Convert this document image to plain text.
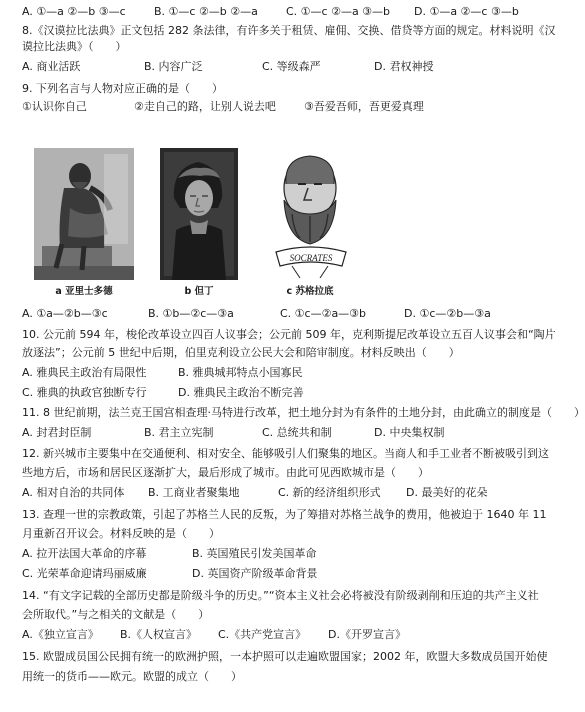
A. ①—a ②—b ③—c	B. ①—c ②—b ②—a	C. ①—c ②—a ③—b D. ①—a ②—c ③—b
8.《汉谟拉比法典》正文包括 282 条法律，有许多关于租赁、雇佣、交换、借贷等方面的规定。材料说明《汉
谟拉比法典》（　　）
A. 商业活跃	B. 内容广泛	C. 等级森严	D. 君权神授
9. 下列名言与人物对应正确的是（　　）
①认识你自己	②走自己的路，让别人说去吧	③吾爱吾师，吾更爱真理
a 亚里士多德	b 但丁
SOCRATES
c 苏格拉底
A. ①a—②b—③c	B. ①b—②c—③a	C. ①c—②a—③b	D. ①c—②b—③a
10. 公元前 594 年，梭伦改革设立四百人议事会；公元前 509 年，克利斯提尼改革设立五百人议事会和“陶片
放逐法”；公元前 5 世纪中后期，伯里克利设立公民大会和陪审制度。材料反映出（　　）
A. 雅典民主政治有局限性	B. 雅典城邦特点小国寡民
C. 雅典的执政官独断专行	D. 雅典民主政治不断完善
11. 8 世纪前期，法兰克王国宫相查理·马特进行改革，把土地分封为有条件的土地分封，由此确立的制度是（　　）
A. 封君封臣制	B. 君主立宪制	C. 总统共和制	D. 中央集权制
12. 新兴城市主要集中在交通便利、相对安全、能够吸引人们聚集的地区。当商人和手工业者不断被吸引到这
些地方后，市场和居民区逐渐扩大，最后形成了城市。由此可见西欧城市是（　　）
A. 相对自治的共同体 B. 工商业者聚集地	C. 新的经济组织形式 D. 最美好的花朵
13. 查理一世的宗教政策，引起了苏格兰人民的反叛，为了筹措对苏格兰战争的费用，他被迫于 1640 年 11
月重新召开议会。材料反映的是（　　）
A. 拉开法国大革命的序幕	B. 英国殖民引发美国革命
C. 光荣革命迎请玛丽威廉	D. 英国资产阶级革命背景
14. “有文字记载的全部历史都是阶级斗争的历史。”“资本主义社会必将被没有阶级剥削和压迫的共产主义社
会所取代。”与之相关的文献是（　　）
A.《独立宣言》 B.《人权宣言》 C.《共产党宣言》 D.《开罗宣言》
15. 欧盟成员国公民拥有统一的欧洲护照，一本护照可以走遍欧盟国家；2002 年，欧盟大多数成员国开始使
用统一的货币——欧元。欧盟的成立（　　）
